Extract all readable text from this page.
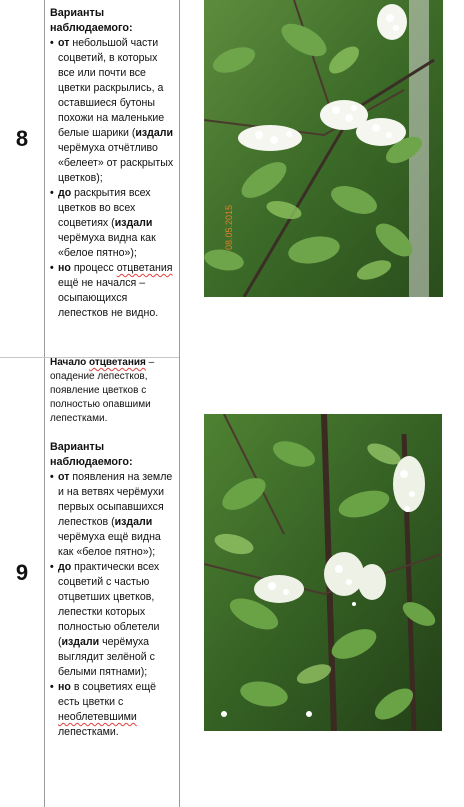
8

Варианты наблюдаемого:

• от небольшой части соцветий, в которых все или почти все цветки раскрылись, а оставшиеся бутоны похожи на маленькие белые шарики (издали черёмуха отчётливо «белеет» от раскрытых цветков);

• до раскрытия всех цветков во всех соцветиях (издали черёмуха видна как «белое пятно»);

• но процесс отцветания ещё не начался – осыпающихся лепестков не видно.

08.05.2015

Начало отцветания – опадение лепестков, появление цветков с полностью опавшими лепестками.

9

Варианты наблюдаемого:

• от появления на земле и на ветвях черёмухи первых осыпавшихся лепестков (издали черёмуха ещё видна как «белое пятно»);

• до практически всех соцветий с частью отцветших цветков, лепестки которых полностью облетели (издали черёмуха выглядит зелёной с белыми пятнами);

• но в соцветиях ещё есть цветки с необлетевшими лепестками.
